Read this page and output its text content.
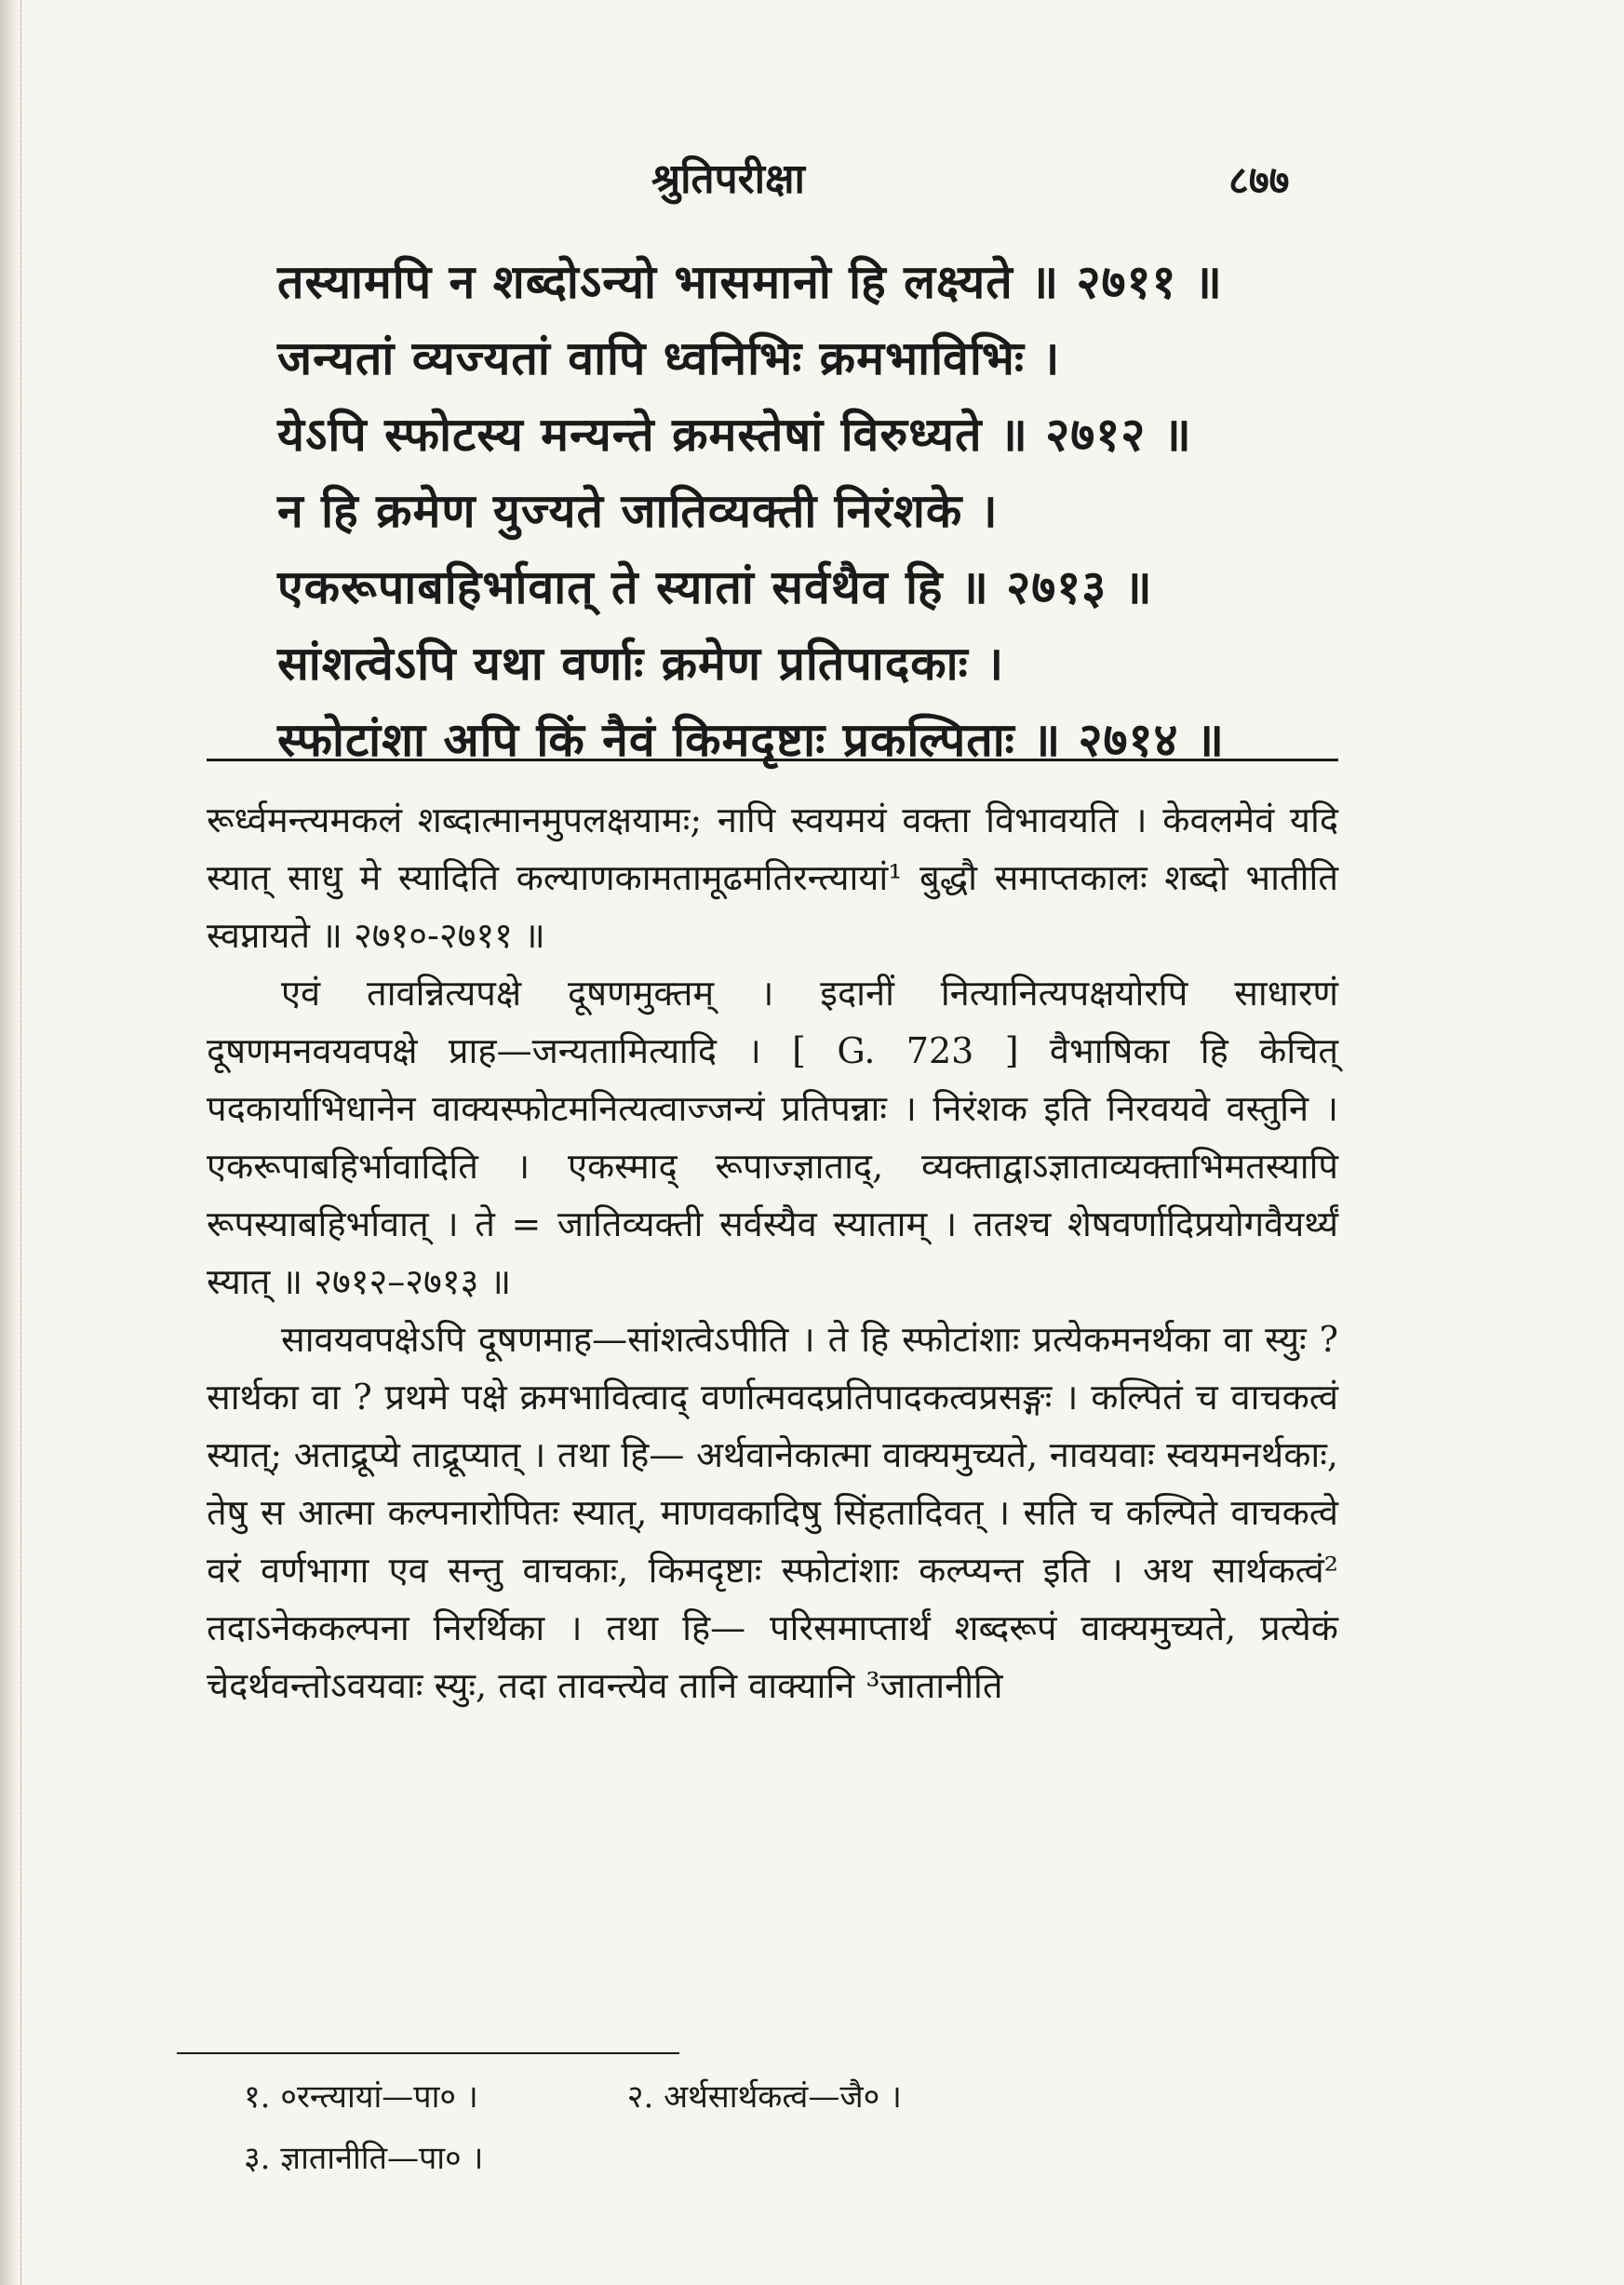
श्रुतिपरीक्षा	८७७
तस्यामपि न शब्दोऽन्यो भासमानो हि लक्ष्यते ॥ २७११ ॥
जन्यतां व्यज्यतां वापि ध्वनिभिः क्रमभाविभिः ।
येऽपि स्फोटस्य मन्यन्ते क्रमस्तेषां विरुध्यते ॥ २७१२ ॥
न हि क्रमेण युज्यते जातिव्यक्ती निरंशके ।
एकरूपाबहिर्भावात् ते स्यातां सर्वथैव हि ॥ २७१३ ॥
सांशत्वेऽपि यथा वर्णाः क्रमेण प्रतिपादकाः ।
स्फोटांशा अपि किं नैवं किमदृष्टाः प्रकल्पिताः ॥ २७१४ ॥

रूर्ध्वमन्त्यमकलं शब्दात्मानमुपलक्षयामः; नापि स्वयमयं वक्ता विभावयति । केवलमेवं यदि स्यात् साधु मे स्यादिति कल्याणकामतामूढमतिरन्त्यायां¹ बुद्धौ समाप्तकालः शब्दो भातीति स्वप्नायते ॥ २७१०-२७११ ॥

एवं तावन्नित्यपक्षे दूषणमुक्तम् । इदानीं नित्यानित्यपक्षयोरपि साधारणं दूषणमनवयवपक्षे प्राह—जन्यतामित्यादि । [ G. 723 ] वैभाषिका हि केचित् पदकार्याभिधानेन वाक्यस्फोटमनित्यत्वाज्जन्यं प्रतिपन्नाः । निरंशक इति निरवयवे वस्तुनि । एकरूपाबहिर्भावादिति । एकस्माद् रूपाज्ज्ञाताद्, व्यक्ताद्वाऽज्ञाताव्यक्ताभिमतस्यापि रूपस्याबहिर्भावात् । ते = जातिव्यक्ती सर्वस्यैव स्याताम् । ततश्च शेषवर्णादिप्रयोगवैयर्थ्यं स्यात् ॥ २७१२–२७१३ ॥

सावयवपक्षेऽपि दूषणमाह—सांशत्वेऽपीति । ते हि स्फोटांशाः प्रत्येकमनर्थका वा स्युः ? सार्थका वा ? प्रथमे पक्षे क्रमभावित्वाद् वर्णात्मवदप्रतिपादकत्वप्रसङ्गः । कल्पितं च वाचकत्वं स्यात्; अताद्रूप्ये ताद्रूप्यात् । तथा हि— अर्थवानेकात्मा वाक्यमुच्यते, नावयवाः स्वयमनर्थकाः, तेषु स आत्मा कल्पनारोपितः स्यात्, माणवकादिषु सिंहतादिवत् । सति च कल्पिते वाचकत्वे वरं वर्णभागा एव सन्तु वाचकाः, किमदृष्टाः स्फोटांशाः कल्प्यन्त इति । अथ सार्थकत्वं² तदाऽनेककल्पना निरर्थिका । तथा हि— परिसमाप्तार्थं शब्दरूपं वाक्यमुच्यते, प्रत्येकं चेदर्थवन्तोऽवयवाः स्युः, तदा तावन्त्येव तानि वाक्यानि ³जातानीति

१. ०रन्त्यायां—पा० ।	२. अर्थसार्थकत्वं—जै० ।
३. ज्ञातानीति—पा० ।
